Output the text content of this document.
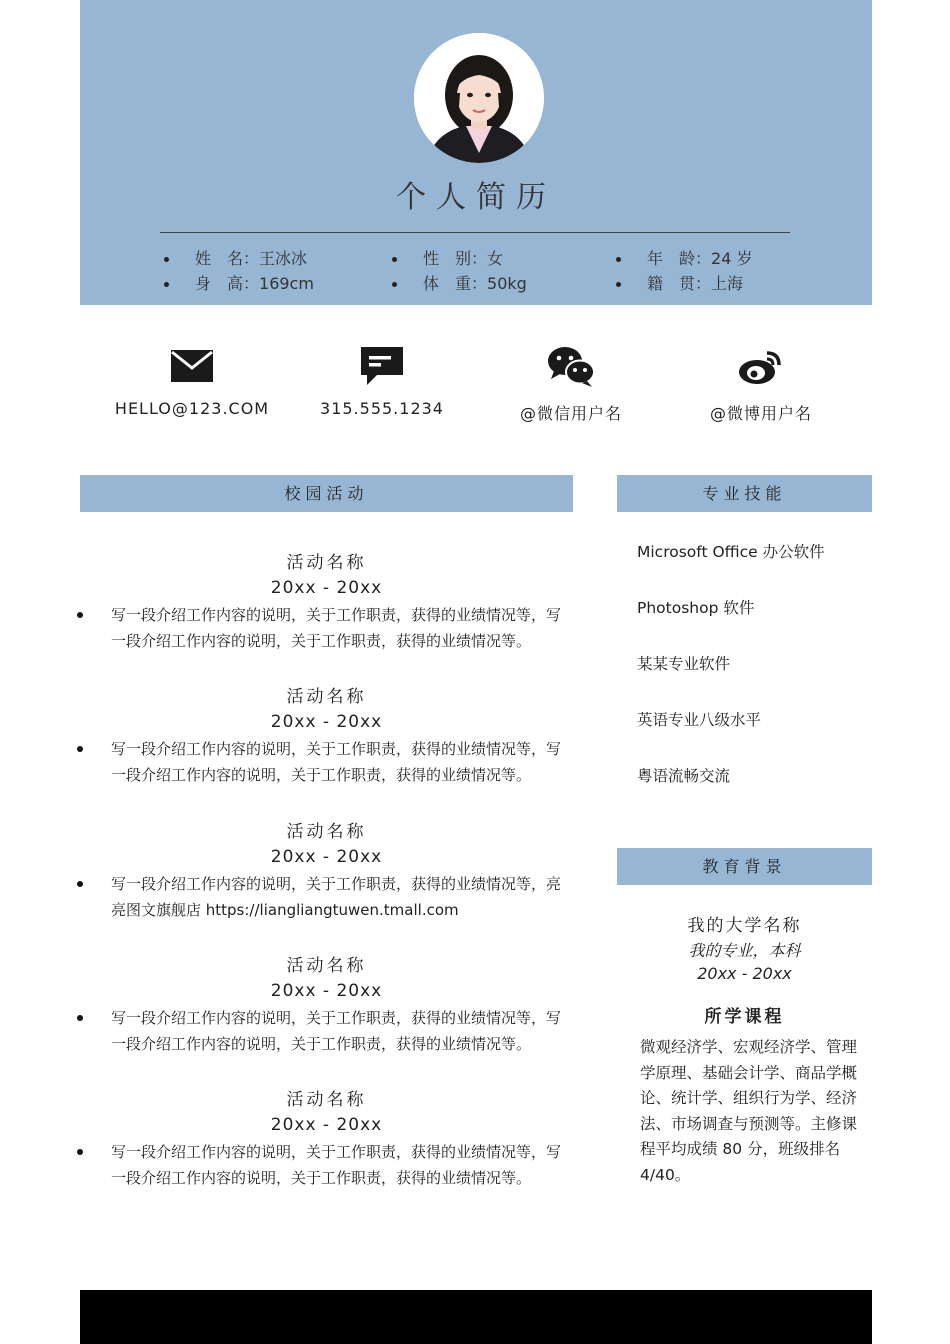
个人简历
姓　名：王冰冰
身　高：169cm
性　别：女
体　重：50kg
年　龄：24 岁
籍　贯：上海
HELLO@123.COM	315.555.1234	@微信用户名	@微博用户名
校园活动	专业技能
教育背景
活动名称
20xx - 20xx
写一段介绍工作内容的说明，关于工作职责，获得的业绩情况等，写一段介绍工作内容的说明，关于工作职责，获得的业绩情况等。
活动名称
20xx - 20xx
写一段介绍工作内容的说明，关于工作职责，获得的业绩情况等，写一段介绍工作内容的说明，关于工作职责，获得的业绩情况等。
活动名称
20xx - 20xx
写一段介绍工作内容的说明，关于工作职责，获得的业绩情况等，亮亮图文旗舰店 https://liangliangtuwen.tmall.com
活动名称
20xx - 20xx
写一段介绍工作内容的说明，关于工作职责，获得的业绩情况等，写一段介绍工作内容的说明，关于工作职责，获得的业绩情况等。
活动名称
20xx - 20xx
写一段介绍工作内容的说明，关于工作职责，获得的业绩情况等，写一段介绍工作内容的说明，关于工作职责，获得的业绩情况等。
Microsoft Office 办公软件
Photoshop 软件
某某专业软件
英语专业八级水平
粤语流畅交流
我的大学名称
我的专业，本科
20xx - 20xx
所学课程
微观经济学、宏观经济学、管理学原理、基础会计学、商品学概论、统计学、组织行为学、经济法、市场调查与预测等。主修课程平均成绩 80 分，班级排名 4/40。
